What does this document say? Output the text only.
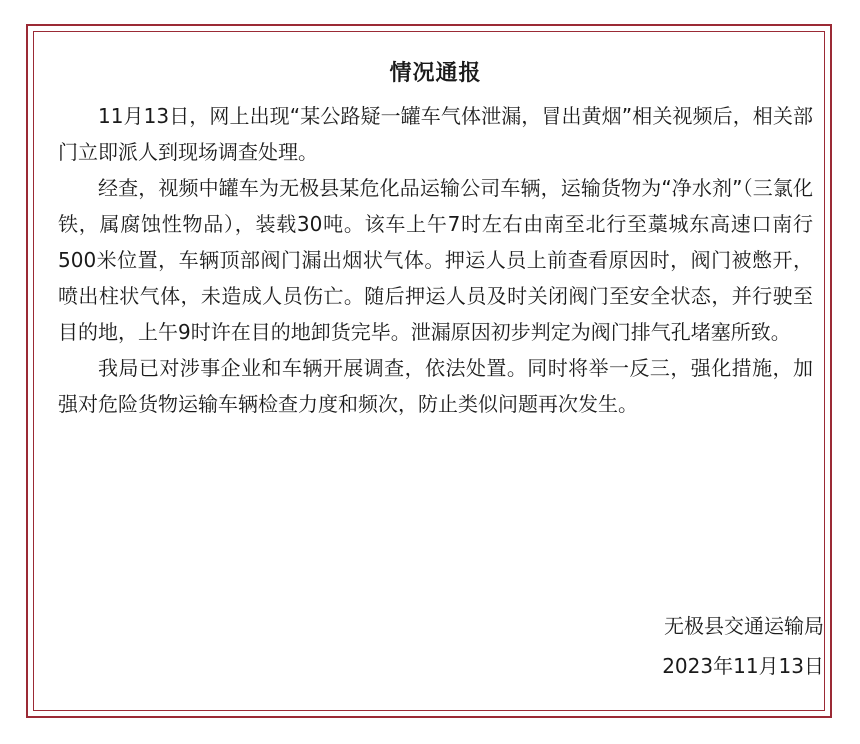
情况通报

11月13日，网上出现“某公路疑一罐车气体泄漏，冒出黄烟”相关视频后，相关部门立即派人到现场调查处理。

经查，视频中罐车为无极县某危化品运输公司车辆，运输货物为“净水剂”（三氯化铁，属腐蚀性物品），装载30吨。该车上午7时左右由南至北行至藁城东高速口南行500米位置，车辆顶部阀门漏出烟状气体。押运人员上前查看原因时，阀门被憋开，喷出柱状气体，未造成人员伤亡。随后押运人员及时关闭阀门至安全状态，并行驶至目的地，上午9时许在目的地卸货完毕。泄漏原因初步判定为阀门排气孔堵塞所致。

我局已对涉事企业和车辆开展调查，依法处置。同时将举一反三，强化措施，加强对危险货物运输车辆检查力度和频次，防止类似问题再次发生。

无极县交通运输局
2023年11月13日
